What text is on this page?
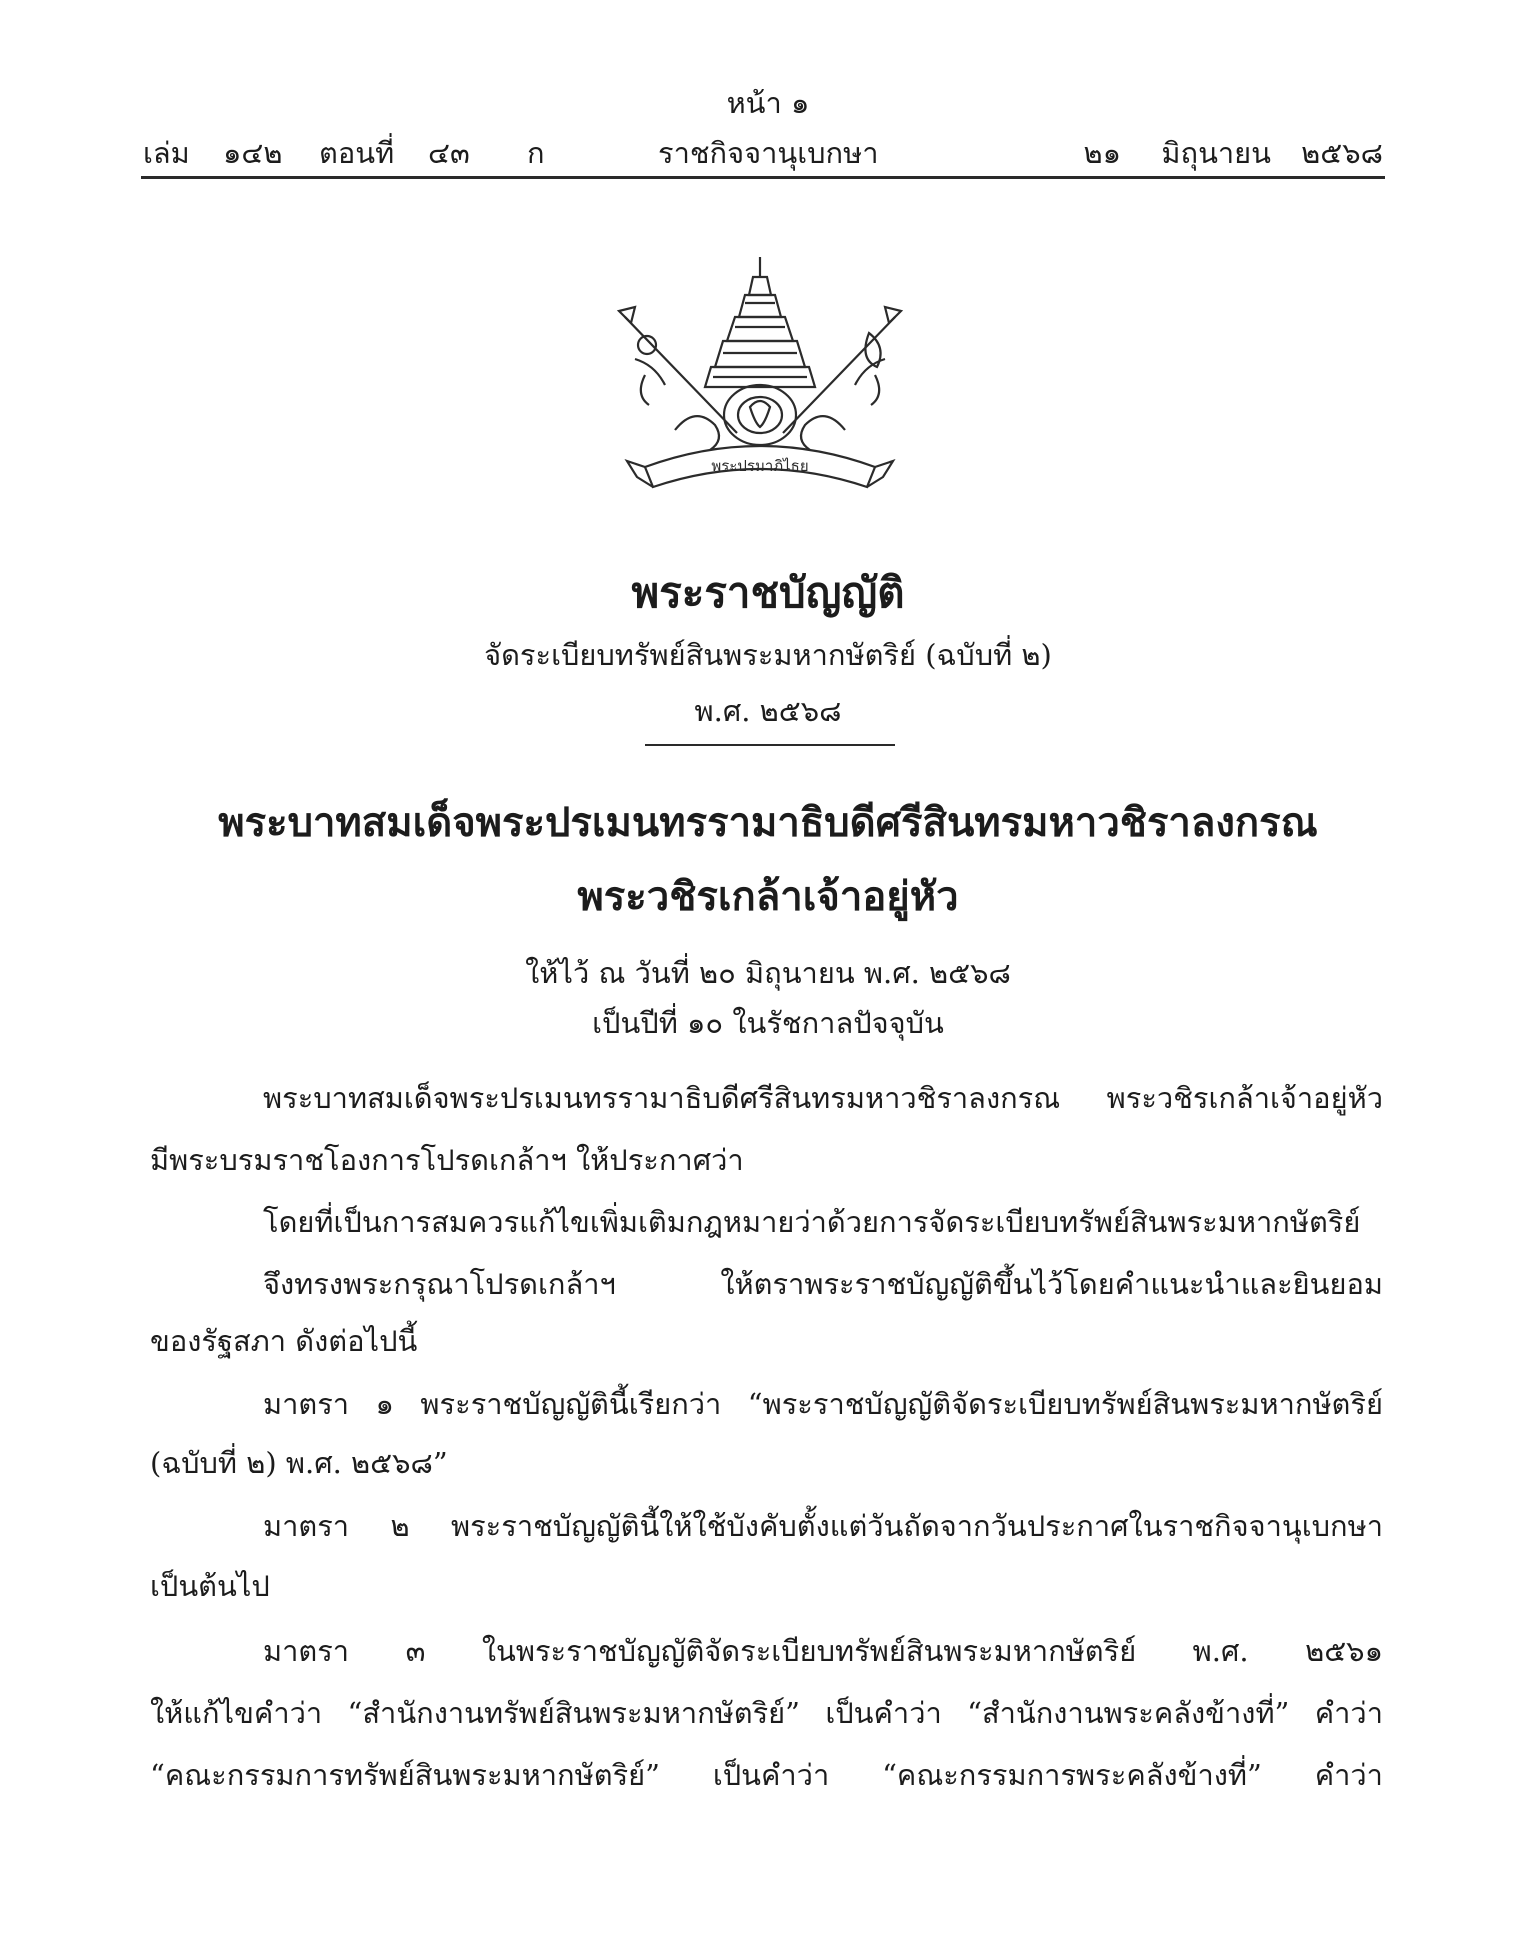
หน้า ๑
เล่ม ๑๔๒ ตอนที่ ๔๓ ก	ราชกิจจานุเบกษา	๒๑ มิถุนายน ๒๕๖๘
พระปรมาภิไธย
พระราชบัญญัติ
จัดระเบียบทรัพย์สินพระมหากษัตริย์ (ฉบับที่ ๒)
พ.ศ. ๒๕๖๘
พระบาทสมเด็จพระปรเมนทรรามาธิบดีศรีสินทรมหาวชิราลงกรณ
พระวชิรเกล้าเจ้าอยู่หัว
ให้ไว้ ณ วันที่ ๒๐ มิถุนายน พ.ศ. ๒๕๖๘
เป็นปีที่ ๑๐ ในรัชกาลปัจจุบัน
พระบาทสมเด็จพระปรเมนทรรามาธิบดีศรีสินทรมหาวชิราลงกรณ พระวชิรเกล้าเจ้าอยู่หัว
มีพระบรมราชโองการโปรดเกล้าฯ ให้ประกาศว่า
โดยที่เป็นการสมควรแก้ไขเพิ่มเติมกฎหมายว่าด้วยการจัดระเบียบทรัพย์สินพระมหากษัตริย์
จึงทรงพระกรุณาโปรดเกล้าฯ	ให้ตราพระราชบัญญัติขึ้นไว้โดยคำแนะนำและยินยอม
ของรัฐสภา ดังต่อไปนี้
มาตรา ๑ พระราชบัญญัตินี้เรียกว่า “พระราชบัญญัติจัดระเบียบทรัพย์สินพระมหากษัตริย์
(ฉบับที่ ๒) พ.ศ. ๒๕๖๘”
มาตรา ๒ พระราชบัญญัตินี้ให้ใช้บังคับตั้งแต่วันถัดจากวันประกาศในราชกิจจานุเบกษา
เป็นต้นไป
มาตรา ๓ ในพระราชบัญญัติจัดระเบียบทรัพย์สินพระมหากษัตริย์ พ.ศ. ๒๕๖๑
ให้แก้ไขคำว่า “สำนักงานทรัพย์สินพระมหากษัตริย์” เป็นคำว่า “สำนักงานพระคลังข้างที่” คำว่า
“คณะกรรมการทรัพย์สินพระมหากษัตริย์” เป็นคำว่า “คณะกรรมการพระคลังข้างที่” คำว่า
